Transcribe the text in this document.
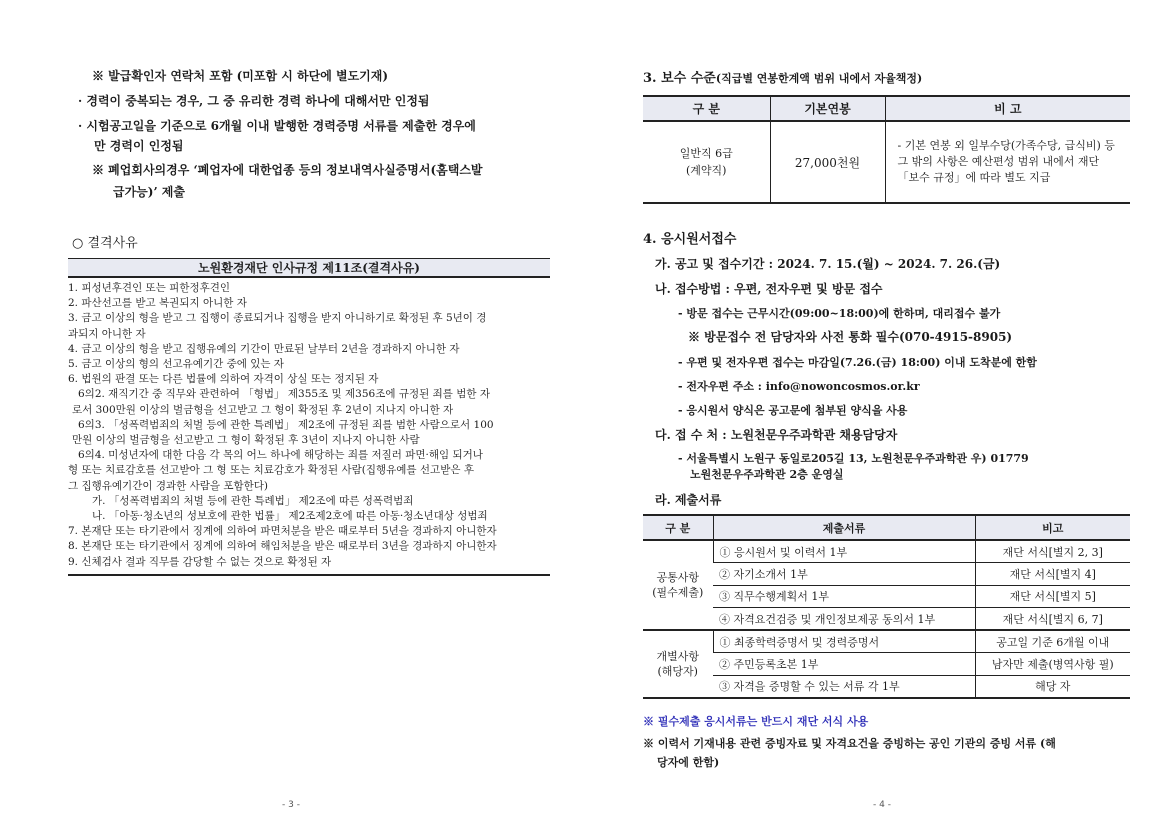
※ 발급확인자 연락처 포함 (미포함 시 하단에 별도기재)
· 경력이 중복되는 경우, 그 중 유리한 경력 하나에 대해서만 인정됨
· 시험공고일을 기준으로 6개월 이내 발행한 경력증명 서류를 제출한 경우에
만 경력이 인정됨
※ 폐업회사의경우 ‘폐업자에 대한업종 등의 정보내역사실증명서(홈택스발
급가능)’ 제출
○ 결격사유
노원환경재단 인사규정 제11조(결격사유)
1. 피성년후견인 또는 피한정후견인
2. 파산선고를 받고 복권되지 아니한 자
3. 금고 이상의 형을 받고 그 집행이 종료되거나 집행을 받지 아니하기로 확정된 후 5년이 경
과되지 아니한 자
4. 금고 이상의 형을 받고 집행유예의 기간이 만료된 날부터 2년을 경과하지 아니한 자
5. 금고 이상의 형의 선고유예기간 중에 있는 자
6. 법원의 판결 또는 다른 법률에 의하여 자격이 상실 또는 정지된 자
6의2. 재직기간 중 직무와 관련하여 「형법」 제355조 및 제356조에 규정된 죄를 범한 자
로서 300만원 이상의 벌금형을 선고받고 그 형이 확정된 후 2년이 지나지 아니한 자
6의3. 「성폭력범죄의 처벌 등에 관한 특례법」 제2조에 규정된 죄를 범한 사람으로서 100
만원 이상의 벌금형을 선고받고 그 형이 확정된 후 3년이 지나지 아니한 사람
6의4. 미성년자에 대한 다음 각 목의 어느 하나에 해당하는 죄를 저질러 파면·해임 되거나
형 또는 치료감호를 선고받아 그 형 또는 치료감호가 확정된 사람(집행유예를 선고받은 후
그 집행유예기간이 경과한 사람을 포함한다)
가. 「성폭력범죄의 처벌 등에 관한 특례법」 제2조에 따른 성폭력범죄
나. 「아동·청소년의 성보호에 관한 법률」 제2조제2호에 따른 아동·청소년대상 성범죄
7. 본재단 또는 타기관에서 징계에 의하여 파면처분을 받은 때로부터 5년을 경과하지 아니한자
8. 본재단 또는 타기관에서 징계에 의하여 해임처분을 받은 때로부터 3년을 경과하지 아니한자
9. 신체검사 결과 직무를 감당할 수 없는 것으로 확정된 자
- 3 -
3. 보수 수준(직급별 연봉한계액 범위 내에서 자율책정)
구 분	기본연봉	비 고

일반직 6급
(계약직)	27,000천원	- 기본 연봉 외 일부수당(가족수당, 급식비) 등 그 밖의 사항은 예산편성 범위 내에서 재단 「보수 규정」에 따라 별도 지급
4. 응시원서접수
가. 공고 및 접수기간 : 2024. 7. 15.(월) ~ 2024. 7. 26.(금)
나. 접수방법 : 우편, 전자우편 및 방문 접수
- 방문 접수는 근무시간(09:00~18:00)에 한하며, 대리접수 불가
※ 방문접수 전 담당자와 사전 통화 필수(070-4915-8905)
- 우편 및 전자우편 접수는 마감일(7.26.(금) 18:00) 이내 도착분에 한함
- 전자우편 주소 : info@nowoncosmos.or.kr
- 응시원서 양식은 공고문에 첨부된 양식을 사용
다. 접 수 처 : 노원천문우주과학관 채용담당자
- 서울특별시 노원구 동일로205길 13, 노원천문우주과학관 우) 01779
노원천문우주과학관 2층 운영실
라. 제출서류
구 분	제출서류	비고

공통사항
(필수제출)	① 응시원서 및 이력서 1부	재단 서식[별지 2, 3]
	② 자기소개서 1부	재단 서식[별지 4]
	③ 직무수행계획서 1부	재단 서식[별지 5]
	④ 자격요건검증 및 개인정보제공 동의서 1부	재단 서식[별지 6, 7]

개별사항
(해당자)	① 최종학력증명서 및 경력증명서	공고일 기준 6개월 이내
	② 주민등록초본 1부	남자만 제출(병역사항 필)
	③ 자격을 증명할 수 있는 서류 각 1부	해당 자
※ 필수제출 응시서류는 반드시 재단 서식 사용
※ 이력서 기재내용 관련 증빙자료 및 자격요건을 증빙하는 공인 기관의 증빙 서류 (해
당자에 한함)
- 4 -
